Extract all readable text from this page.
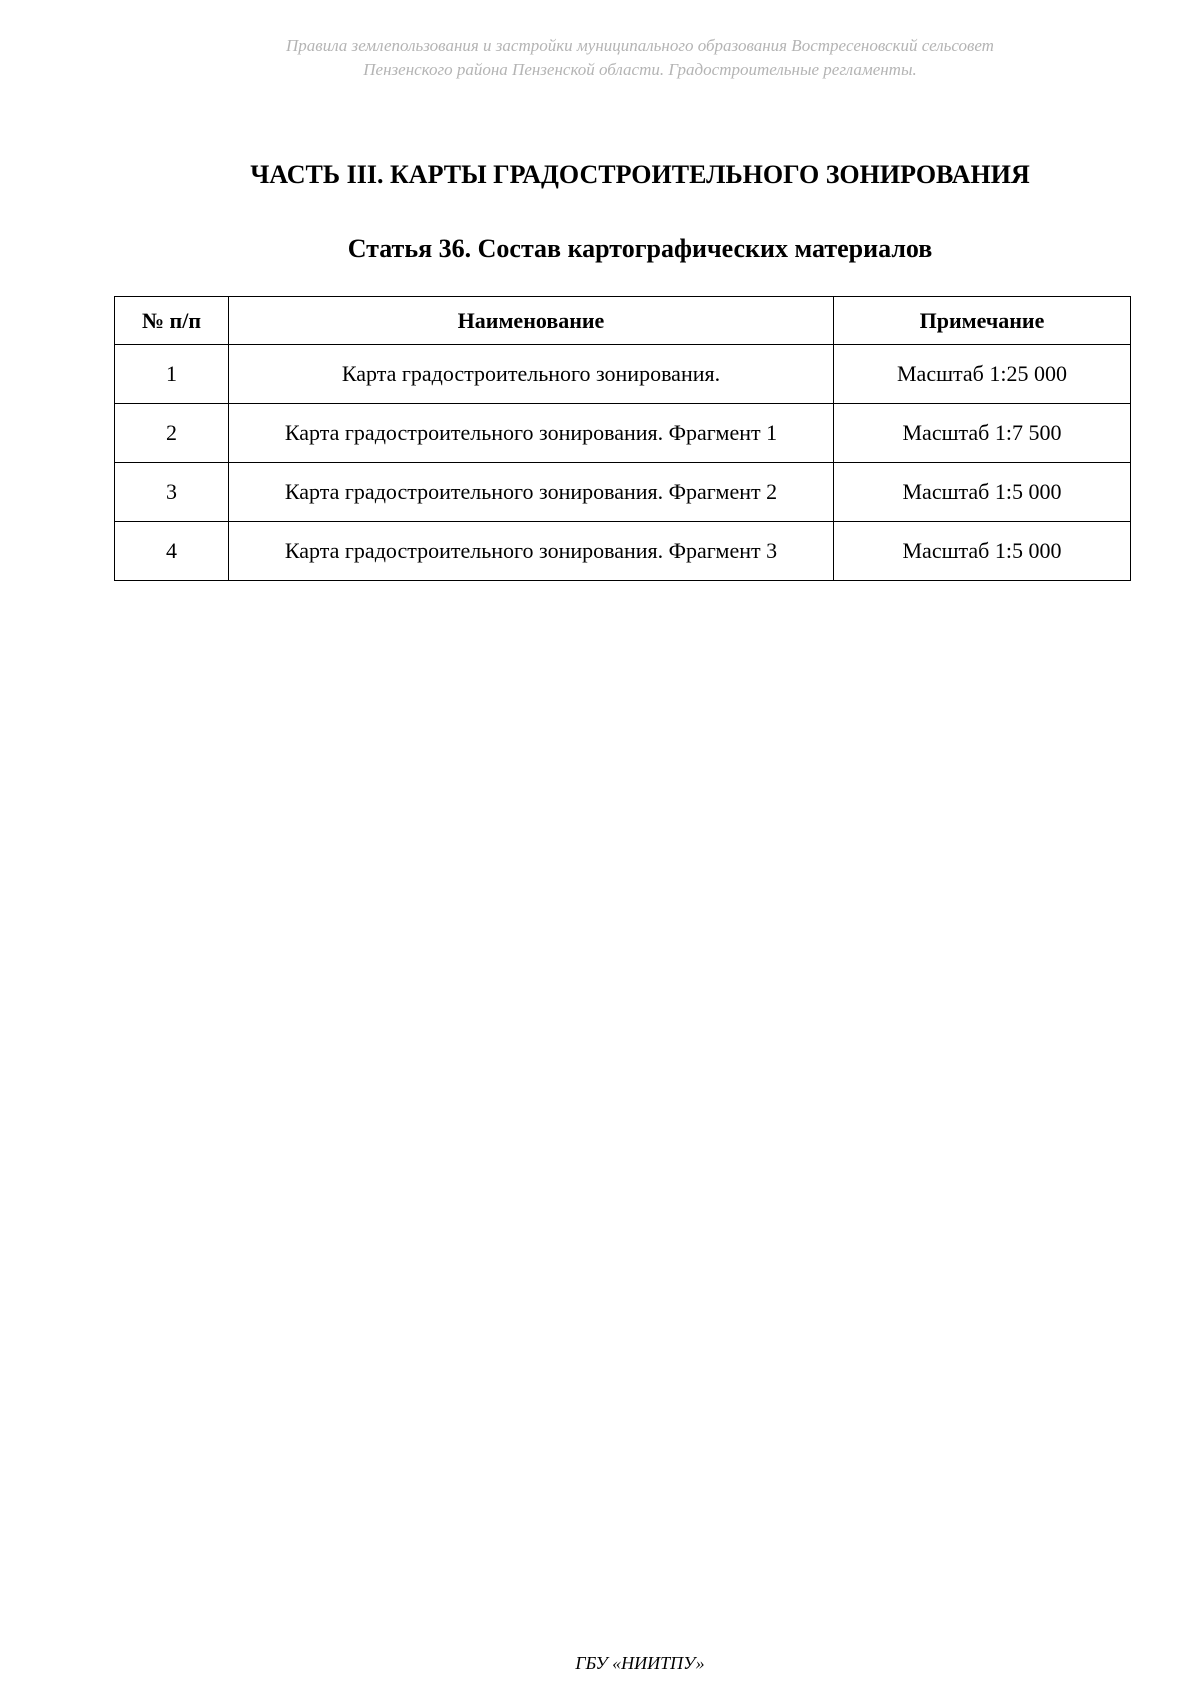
Правила землепользования и застройки муниципального образования Вострeсеновский сельсовет
Пензенского района Пензенской области. Градостроительные регламенты.
ЧАСТЬ III. КАРТЫ ГРАДОСТРОИТЕЛЬНОГО ЗОНИРОВАНИЯ
Статья 36. Состав картографических материалов
№ п/п	Наименование	Примечание
1	Карта градостроительного зонирования.	Масштаб 1:25 000
2	Карта градостроительного зонирования. Фрагмент 1	Масштаб 1:7 500
3	Карта градостроительного зонирования. Фрагмент 2	Масштаб 1:5 000
4	Карта градостроительного зонирования. Фрагмент 3	Масштаб 1:5 000
ГБУ «НИИТПУ»
